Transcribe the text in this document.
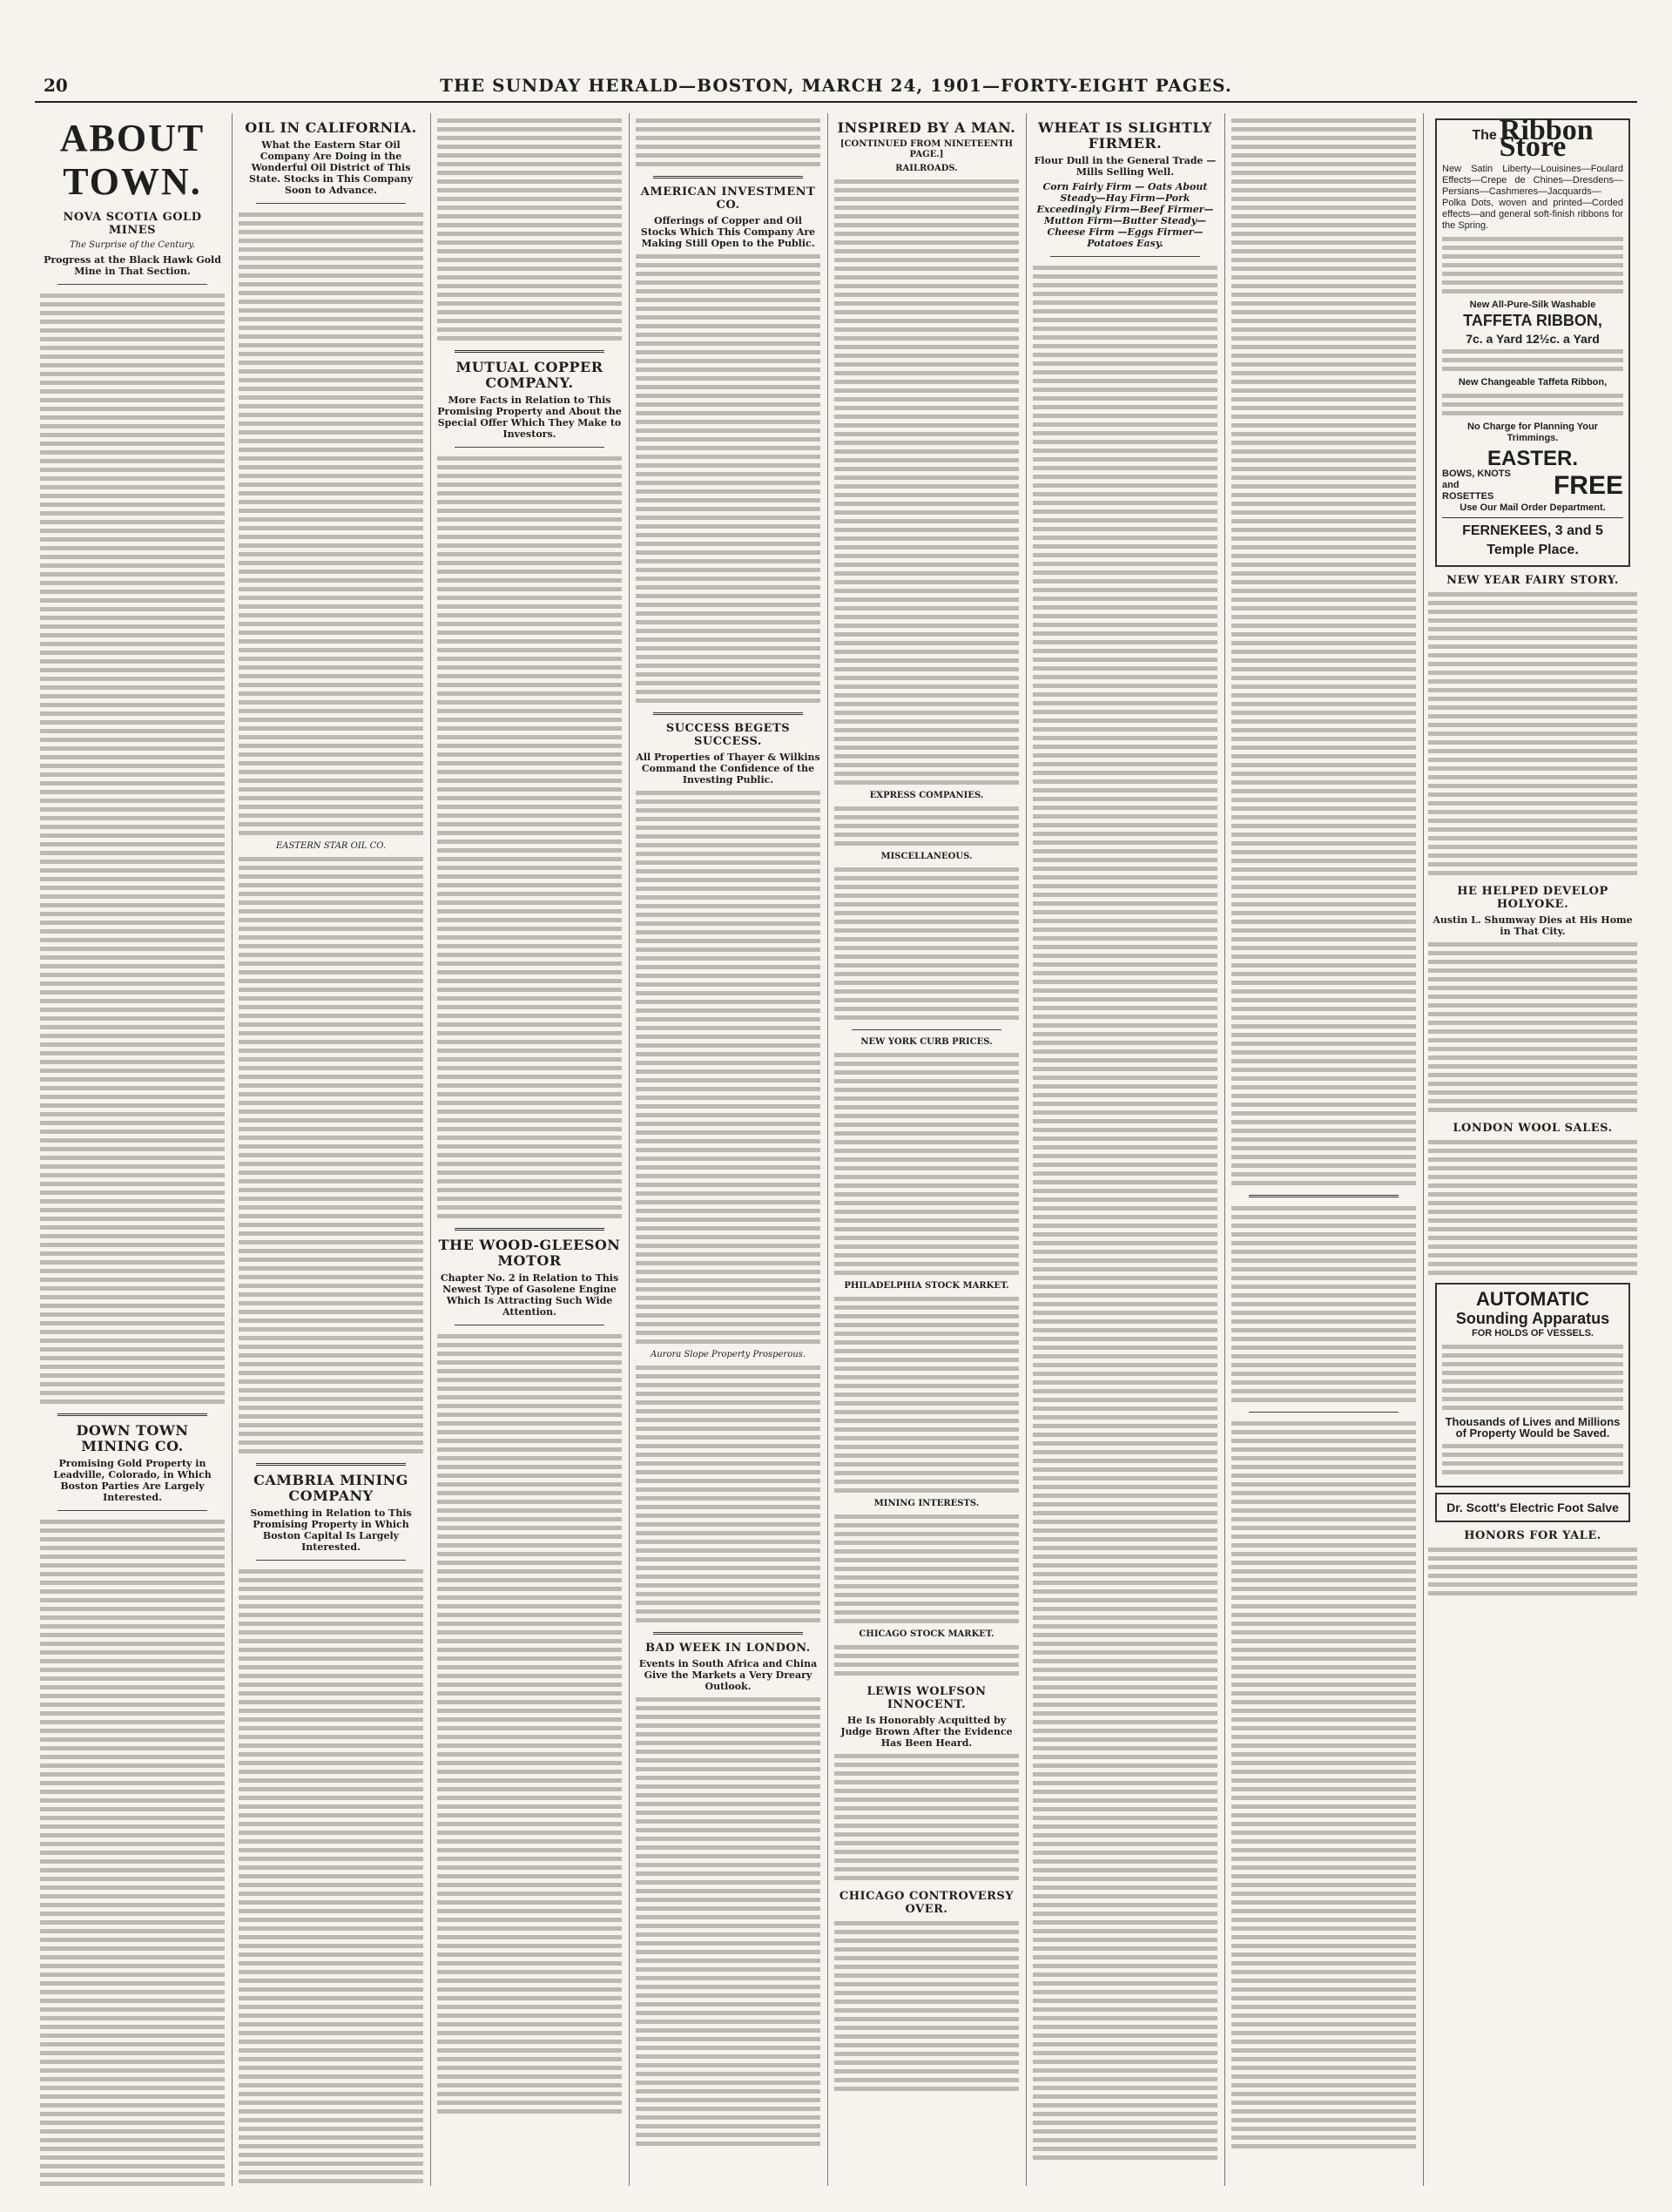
20	THE SUNDAY HERALD—BOSTON, MARCH 24, 1901—FORTY-EIGHT PAGES.
ABOUT TOWN.
NOVA SCOTIA GOLD MINES
The Surprise of the Century.
Progress at the Black Hawk Gold Mine in That Section.
DOWN TOWN MINING CO.
Promising Gold Property in Leadville, Colorado, in Which Boston Parties Are Largely Interested.
OIL IN CALIFORNIA.
What the Eastern Star Oil Company Are Doing in the Wonderful Oil District of This State. Stocks in This Company Soon to Advance.
EASTERN STAR OIL CO.
CAMBRIA MINING COMPANY
Something in Relation to This Promising Property in Which Boston Capital Is Largely Interested.
MUTUAL COPPER COMPANY.
More Facts in Relation to This Promising Property and About the Special Offer Which They Make to Investors.
THE WOOD-GLEESON MOTOR
Chapter No. 2 in Relation to This Newest Type of Gasolene Engine Which Is Attracting Such Wide Attention.
AMERICAN INVESTMENT CO.
Offerings of Copper and Oil Stocks Which This Company Are Making Still Open to the Public.
SUCCESS BEGETS SUCCESS.
All Properties of Thayer & Wilkins Command the Confidence of the Investing Public.
Aurora Slope Property Prosperous.
BAD WEEK IN LONDON.
Events in South Africa and China Give the Markets a Very Dreary Outlook.
INSPIRED BY A MAN.
[CONTINUED FROM NINETEENTH PAGE.]
RAILROADS.
EXPRESS COMPANIES.
MISCELLANEOUS.
NEW YORK CURB PRICES.
PHILADELPHIA STOCK MARKET.
MINING INTERESTS.
CHICAGO STOCK MARKET.
LEWIS WOLFSON INNOCENT.
He Is Honorably Acquitted by Judge Brown After the Evidence Has Been Heard.
CHICAGO CONTROVERSY OVER.
WHEAT IS SLIGHTLY FIRMER.
Flour Dull in the General Trade —Mills Selling Well.
Corn Fairly Firm — Oats About Steady—Hay Firm—Pork Exceedingly Firm—Beef Firmer—Mutton Firm—Butter Steady—Cheese Firm —Eggs Firmer—Potatoes Easy.
The Ribbon Store
New Satin Liberty—Louisines—Foulard Effects—Crepe de Chines—Dresdens—Persians—Cashmeres—Jacquards—Polka Dots, woven and printed—Corded effects—and general soft-finish ribbons for the Spring.
New All-Pure-Silk Washable
TAFFETA RIBBON,
7c. a Yard 12½c. a Yard
New Changeable Taffeta Ribbon,
No Charge for Planning Your Trimmings.
EASTER.
BOWS, KNOTS and ROSETTES	FREE
Use Our Mail Order Department.
FERNEKEES, 3 and 5 Temple Place.
NEW YEAR FAIRY STORY.
HE HELPED DEVELOP HOLYOKE.
Austin L. Shumway Dies at His Home in That City.
LONDON WOOL SALES.
AUTOMATIC
Sounding Apparatus
FOR HOLDS OF VESSELS.
Thousands of Lives and Millions of Property Would be Saved.
Dr. Scott's Electric Foot Salve
HONORS FOR YALE.
